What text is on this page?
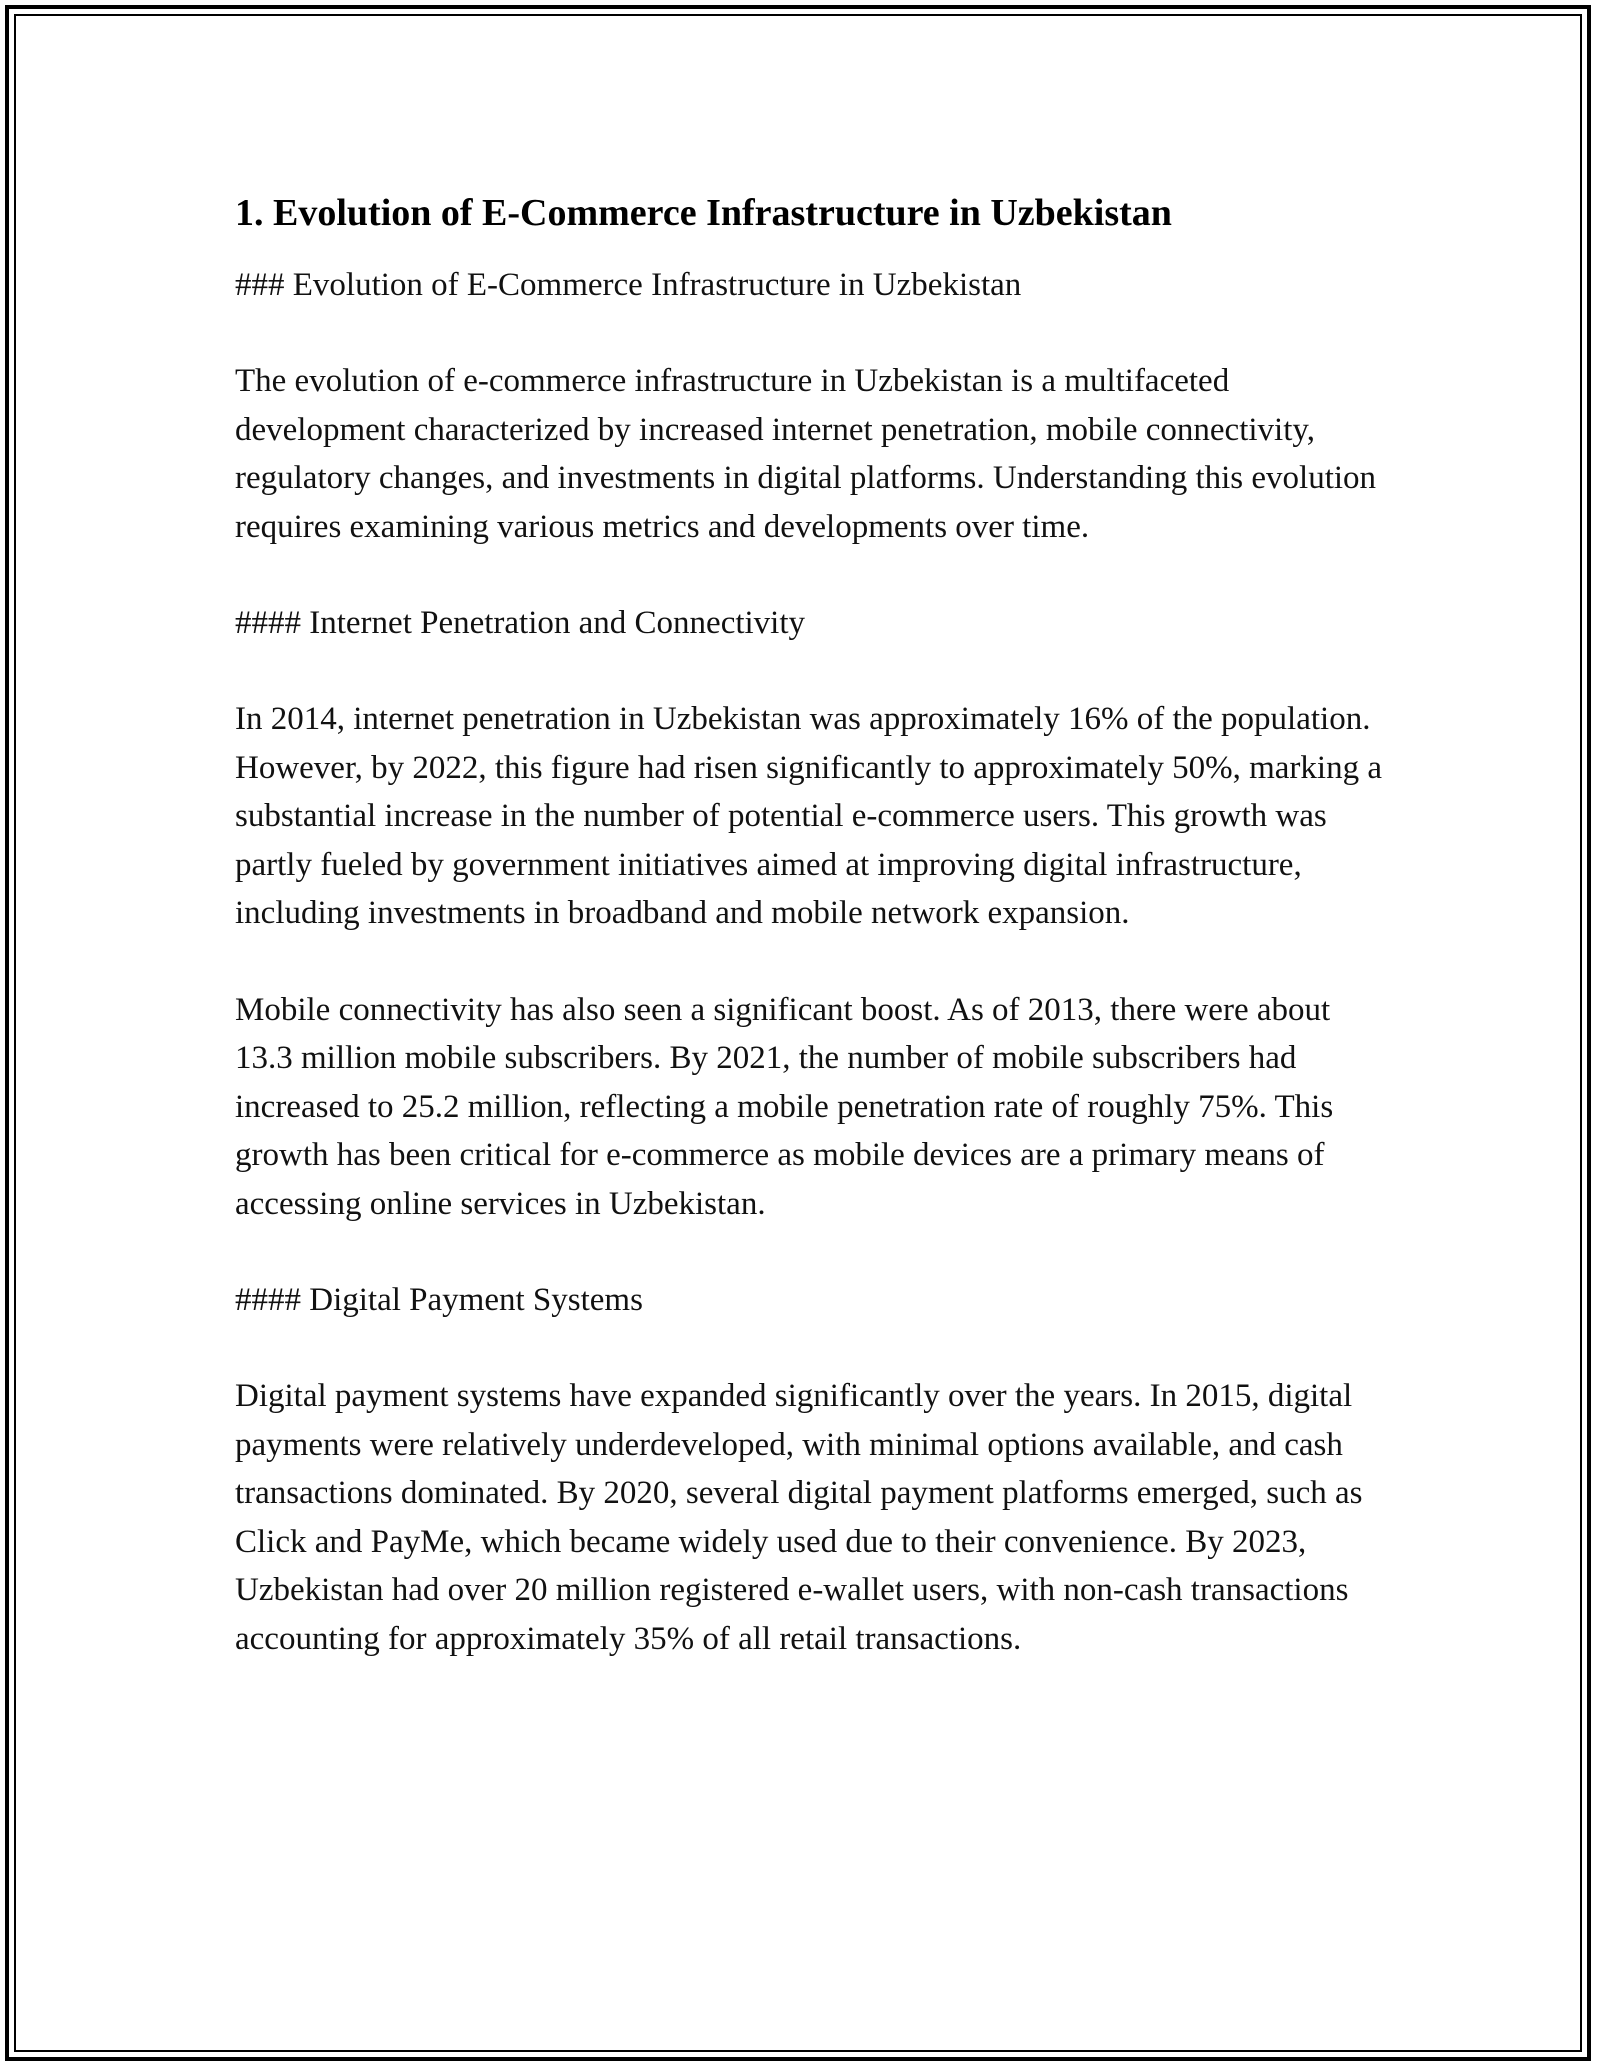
1. Evolution of E-Commerce Infrastructure in Uzbekistan

### Evolution of E-Commerce Infrastructure in Uzbekistan

The evolution of e-commerce infrastructure in Uzbekistan is a multifaceted development characterized by increased internet penetration, mobile connectivity, regulatory changes, and investments in digital platforms. Understanding this evolution requires examining various metrics and developments over time.

#### Internet Penetration and Connectivity

In 2014, internet penetration in Uzbekistan was approximately 16% of the population. However, by 2022, this figure had risen significantly to approximately 50%, marking a substantial increase in the number of potential e-commerce users. This growth was partly fueled by government initiatives aimed at improving digital infrastructure, including investments in broadband and mobile network expansion.

Mobile connectivity has also seen a significant boost. As of 2013, there were about 13.3 million mobile subscribers. By 2021, the number of mobile subscribers had increased to 25.2 million, reflecting a mobile penetration rate of roughly 75%. This growth has been critical for e-commerce as mobile devices are a primary means of accessing online services in Uzbekistan.

#### Digital Payment Systems

Digital payment systems have expanded significantly over the years. In 2015, digital payments were relatively underdeveloped, with minimal options available, and cash transactions dominated. By 2020, several digital payment platforms emerged, such as Click and PayMe, which became widely used due to their convenience. By 2023, Uzbekistan had over 20 million registered e-wallet users, with non-cash transactions accounting for approximately 35% of all retail transactions.
